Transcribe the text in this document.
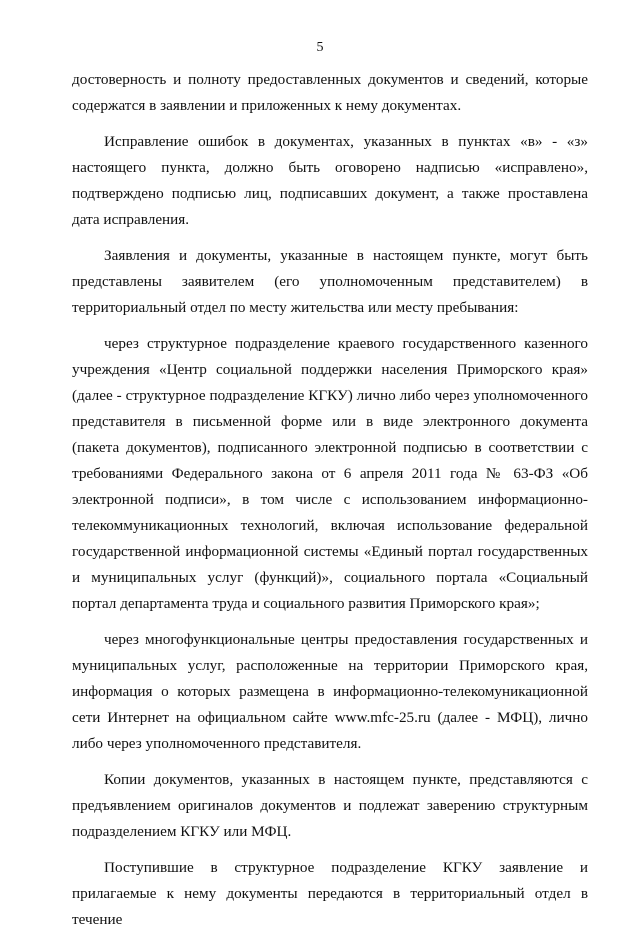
5

достоверность и полноту предоставленных документов и сведений, которые содержатся в заявлении и приложенных к нему документах.

Исправление ошибок в документах, указанных в пунктах «в» - «з» настоящего пункта, должно быть оговорено надписью «исправлено», подтверждено подписью лиц, подписавших документ, а также проставлена дата исправления.

Заявления и документы, указанные в настоящем пункте, могут быть представлены заявителем (его уполномоченным представителем) в территориальный отдел по месту жительства или месту пребывания:

через структурное подразделение краевого государственного казенного учреждения «Центр социальной поддержки населения Приморского края» (далее - структурное подразделение КГКУ) лично либо через уполномоченного представителя в письменной форме или в виде электронного документа (пакета документов), подписанного электронной подписью в соответствии с требованиями Федерального закона от 6 апреля 2011 года № 63-ФЗ «Об электронной подписи», в том числе с использованием информационно-телекоммуникационных технологий, включая использование федеральной государственной информационной системы «Единый портал государственных и муниципальных услуг (функций)», социального портала «Социальный портал департамента труда и социального развития Приморского края»;

через многофункциональные центры предоставления государственных и муниципальных услуг, расположенные на территории Приморского края, информация о которых размещена в информационно-телекомуникационной сети Интернет на официальном сайте www.mfc-25.ru (далее - МФЦ), лично либо через уполномоченного представителя.

Копии документов, указанных в настоящем пункте, представляются с предъявлением оригиналов документов и подлежат заверению структурным подразделением КГКУ или МФЦ.

Поступившие в структурное подразделение КГКУ заявление и прилагаемые к нему документы передаются в территориальный отдел в течение
